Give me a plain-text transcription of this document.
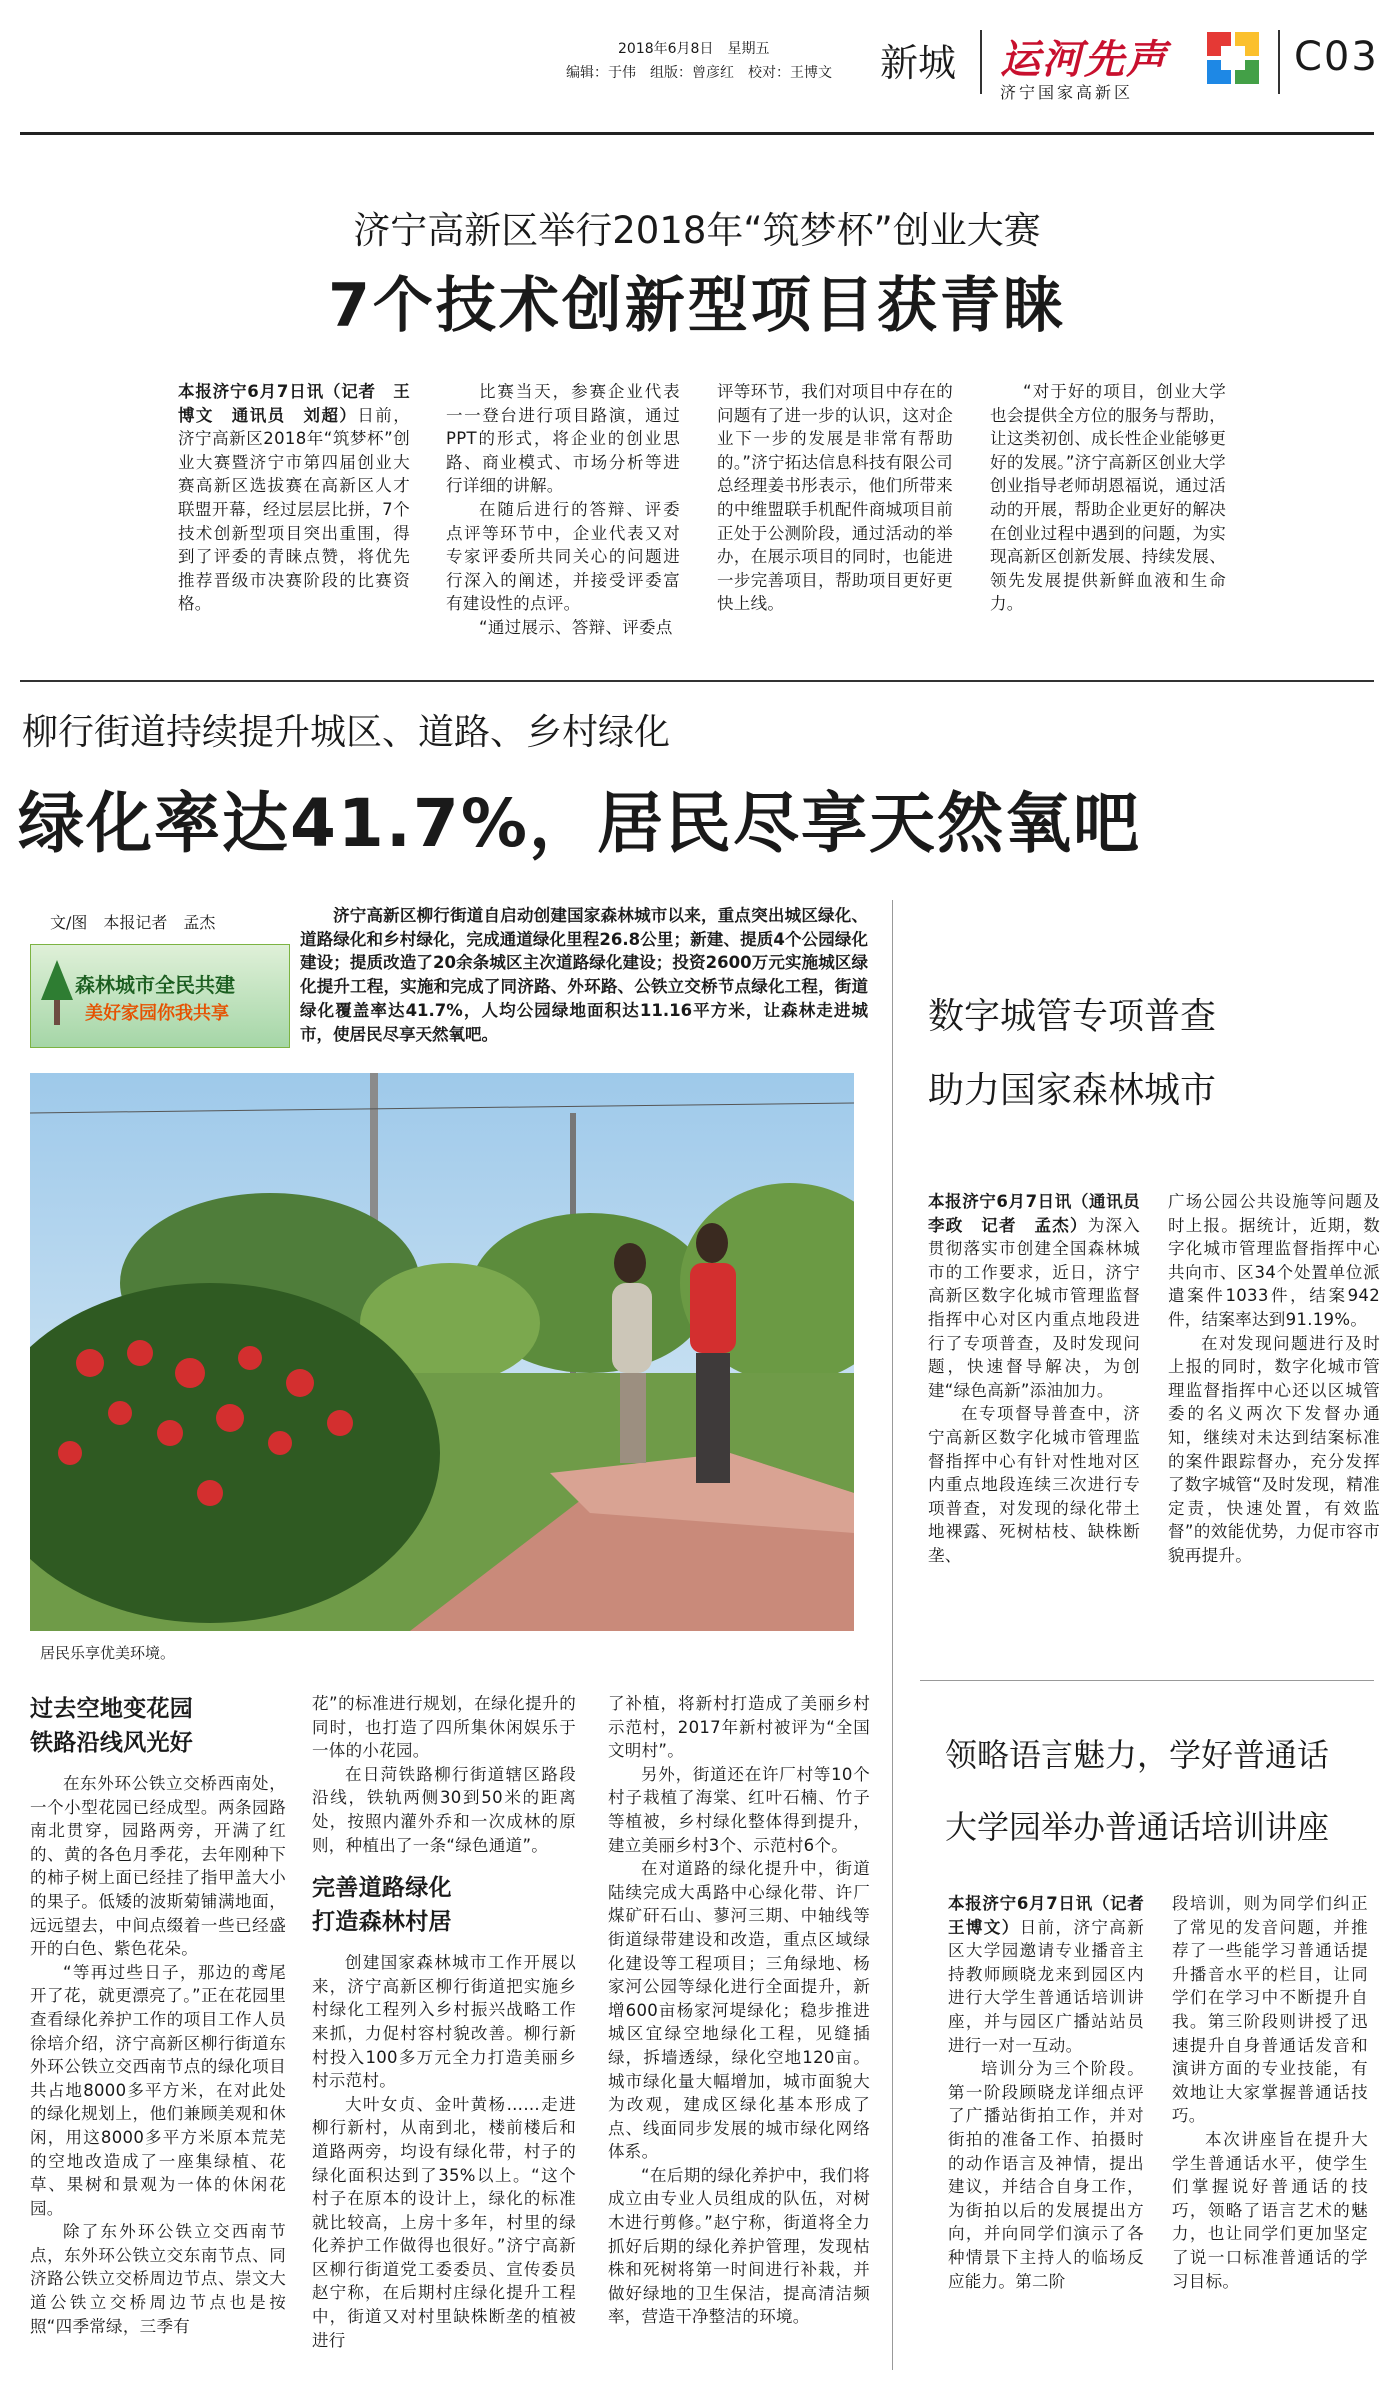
2018年6月8日　星期五
编辑：于伟　组版：曾彦红　校对：王博文 新城 运河先声
济宁国家高新区
C03
济宁高新区举行2018年“筑梦杯”创业大赛
7个技术创新型项目获青睐

本报济宁6月7日讯（记者　王博文　通讯员　刘超）日前，济宁高新区2018年“筑梦杯”创业大赛暨济宁市第四届创业大赛高新区选拔赛在高新区人才联盟开幕，经过层层比拼，7个技术创新型项目突出重围，得到了评委的青睐点赞，将优先推荐晋级市决赛阶段的比赛资格。

比赛当天，参赛企业代表一一登台进行项目路演，通过PPT的形式，将企业的创业思路、商业模式、市场分析等进行详细的讲解。

在随后进行的答辩、评委点评等环节中，企业代表又对专家评委所共同关心的问题进行深入的阐述，并接受评委富有建设性的点评。

“通过展示、答辩、评委点

评等环节，我们对项目中存在的问题有了进一步的认识，这对企业下一步的发展是非常有帮助的。”济宁拓达信息科技有限公司总经理姜书彤表示，他们所带来的中维盟联手机配件商城项目前正处于公测阶段，通过活动的举办，在展示项目的同时，也能进一步完善项目，帮助项目更好更快上线。

“对于好的项目，创业大学也会提供全方位的服务与帮助，让这类初创、成长性企业能够更好的发展。”济宁高新区创业大学创业指导老师胡恩福说，通过活动的开展，帮助企业更好的解决在创业过程中遇到的问题，为实现高新区创新发展、持续发展、领先发展提供新鲜血液和生命力。

柳行街道持续提升城区、道路、乡村绿化
绿化率达41.7%，居民尽享天然氧吧
文/图　本报记者　孟杰
森林城市全民共建
美好家园你我共享
济宁高新区柳行街道自启动创建国家森林城市以来，重点突出城区绿化、道路绿化和乡村绿化，完成通道绿化里程26.8公里；新建、提质4个公园绿化建设；提质改造了20余条城区主次道路绿化建设；投资2600万元实施城区绿化提升工程，实施和完成了同济路、外环路、公铁立交桥节点绿化工程，街道绿化覆盖率达41.7%，人均公园绿地面积达11.16平方米，让森林走进城市，使居民尽享天然氧吧。
居民乐享优美环境。
过去空地变花园
铁路沿线风光好

在东外环公铁立交桥西南处，一个小型花园已经成型。两条园路南北贯穿，园路两旁，开满了红的、黄的各色月季花，去年刚种下的柿子树上面已经挂了指甲盖大小的果子。低矮的波斯菊铺满地面，远远望去，中间点缀着一些已经盛开的白色、紫色花朵。

“等再过些日子，那边的鸢尾开了花，就更漂亮了。”正在花园里查看绿化养护工作的项目工作人员徐培介绍，济宁高新区柳行街道东外环公铁立交西南节点的绿化项目共占地8000多平方米，在对此处的绿化规划上，他们兼顾美观和休闲，用这8000多平方米原本荒芜的空地改造成了一座集绿植、花草、果树和景观为一体的休闲花园。

除了东外环公铁立交西南节点，东外环公铁立交东南节点、同济路公铁立交桥周边节点、崇文大道公铁立交桥周边节点也是按照“四季常绿，三季有

花”的标准进行规划，在绿化提升的同时，也打造了四所集休闲娱乐于一体的小花园。

在日菏铁路柳行街道辖区路段沿线，铁轨两侧30到50米的距离处，按照内灌外乔和一次成林的原则，种植出了一条“绿色通道”。

完善道路绿化
打造森林村居

创建国家森林城市工作开展以来，济宁高新区柳行街道把实施乡村绿化工程列入乡村振兴战略工作来抓，力促村容村貌改善。柳行新村投入100多万元全力打造美丽乡村示范村。

大叶女贞、金叶黄杨……走进柳行新村，从南到北，楼前楼后和道路两旁，均设有绿化带，村子的绿化面积达到了35%以上。“这个村子在原本的设计上，绿化的标准就比较高，上房十多年，村里的绿化养护工作做得也很好。”济宁高新区柳行街道党工委委员、宣传委员赵宁称，在后期村庄绿化提升工程中，街道又对村里缺株断垄的植被进行

了补植，将新村打造成了美丽乡村示范村，2017年新村被评为“全国文明村”。

另外，街道还在许厂村等10个村子栽植了海棠、红叶石楠、竹子等植被，乡村绿化整体得到提升，建立美丽乡村3个、示范村6个。

在对道路的绿化提升中，街道陆续完成大禹路中心绿化带、许厂煤矿矸石山、蓼河三期、中轴线等街道绿带建设和改造，重点区域绿化建设等工程项目；三角绿地、杨家河公园等绿化进行全面提升，新增600亩杨家河堤绿化；稳步推进城区宜绿空地绿化工程，见缝插绿，拆墙透绿，绿化空地120亩。城市绿化量大幅增加，城市面貌大为改观，建成区绿化基本形成了点、线面同步发展的城市绿化网络体系。

“在后期的绿化养护中，我们将成立由专业人员组成的队伍，对树木进行剪修。”赵宁称，街道将全力抓好后期的绿化养护管理，发现枯株和死树将第一时间进行补栽，并做好绿地的卫生保洁，提高清洁频率，营造干净整洁的环境。

数字城管专项普查
助力国家森林城市

本报济宁6月7日讯（通讯员　李政　记者　孟杰）为深入贯彻落实市创建全国森林城市的工作要求，近日，济宁高新区数字化城市管理监督指挥中心对区内重点地段进行了专项普查，及时发现问题，快速督导解决，为创建“绿色高新”添油加力。

在专项督导普查中，济宁高新区数字化城市管理监督指挥中心有针对性地对区内重点地段连续三次进行专项普查，对发现的绿化带土地裸露、死树枯枝、缺株断垄、

广场公园公共设施等问题及时上报。据统计，近期，数字化城市管理监督指挥中心共向市、区34个处置单位派遣案件1033件，结案942件，结案率达到91.19%。

在对发现问题进行及时上报的同时，数字化城市管理监督指挥中心还以区城管委的名义两次下发督办通知，继续对未达到结案标准的案件跟踪督办，充分发挥了数字城管“及时发现，精准定责，快速处置，有效监督”的效能优势，力促市容市貌再提升。

领略语言魅力，学好普通话
大学园举办普通话培训讲座

本报济宁6月7日讯（记者　王博文）日前，济宁高新区大学园邀请专业播音主持教师顾晓龙来到园区内进行大学生普通话培训讲座，并与园区广播站站员进行一对一互动。

培训分为三个阶段。第一阶段顾晓龙详细点评了广播站街拍工作，并对街拍的准备工作、拍摄时的动作语言及神情，提出建议，并结合自身工作，为街拍以后的发展提出方向，并向同学们演示了各种情景下主持人的临场反应能力。第二阶

段培训，则为同学们纠正了常见的发音问题，并推荐了一些能学习普通话提升播音水平的栏目，让同学们在学习中不断提升自我。第三阶段则讲授了迅速提升自身普通话发音和演讲方面的专业技能，有效地让大家掌握普通话技巧。

本次讲座旨在提升大学生普通话水平，使学生们掌握说好普通话的技巧，领略了语言艺术的魅力，也让同学们更加坚定了说一口标准普通话的学习目标。
